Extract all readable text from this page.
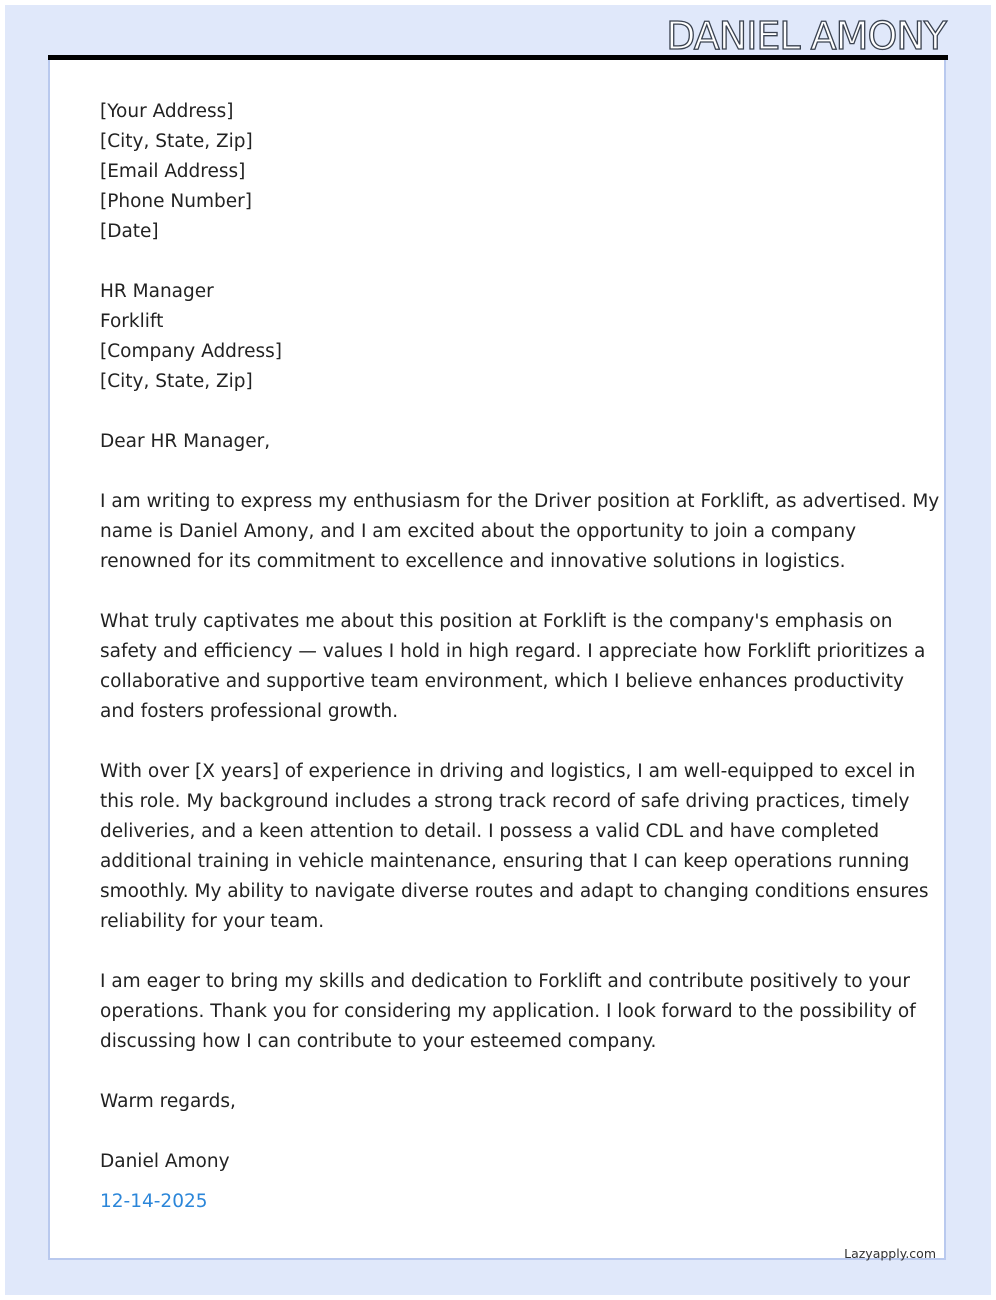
DANIEL AMONY
[Your Address]
[City, State, Zip]
[Email Address]
[Phone Number]
[Date]
HR Manager
Forklift
[Company Address]
[City, State, Zip]
Dear HR Manager,
I am writing to express my enthusiasm for the Driver position at Forklift, as advertised. My
name is Daniel Amony, and I am excited about the opportunity to join a company
renowned for its commitment to excellence and innovative solutions in logistics.
What truly captivates me about this position at Forklift is the company's emphasis on
safety and efficiency — values I hold in high regard. I appreciate how Forklift prioritizes a
collaborative and supportive team environment, which I believe enhances productivity
and fosters professional growth.
With over [X years] of experience in driving and logistics, I am well-equipped to excel in
this role. My background includes a strong track record of safe driving practices, timely
deliveries, and a keen attention to detail. I possess a valid CDL and have completed
additional training in vehicle maintenance, ensuring that I can keep operations running
smoothly. My ability to navigate diverse routes and adapt to changing conditions ensures
reliability for your team.
I am eager to bring my skills and dedication to Forklift and contribute positively to your
operations. Thank you for considering my application. I look forward to the possibility of
discussing how I can contribute to your esteemed company.
Warm regards,
Daniel Amony
12-14-2025
Lazyapply.com
